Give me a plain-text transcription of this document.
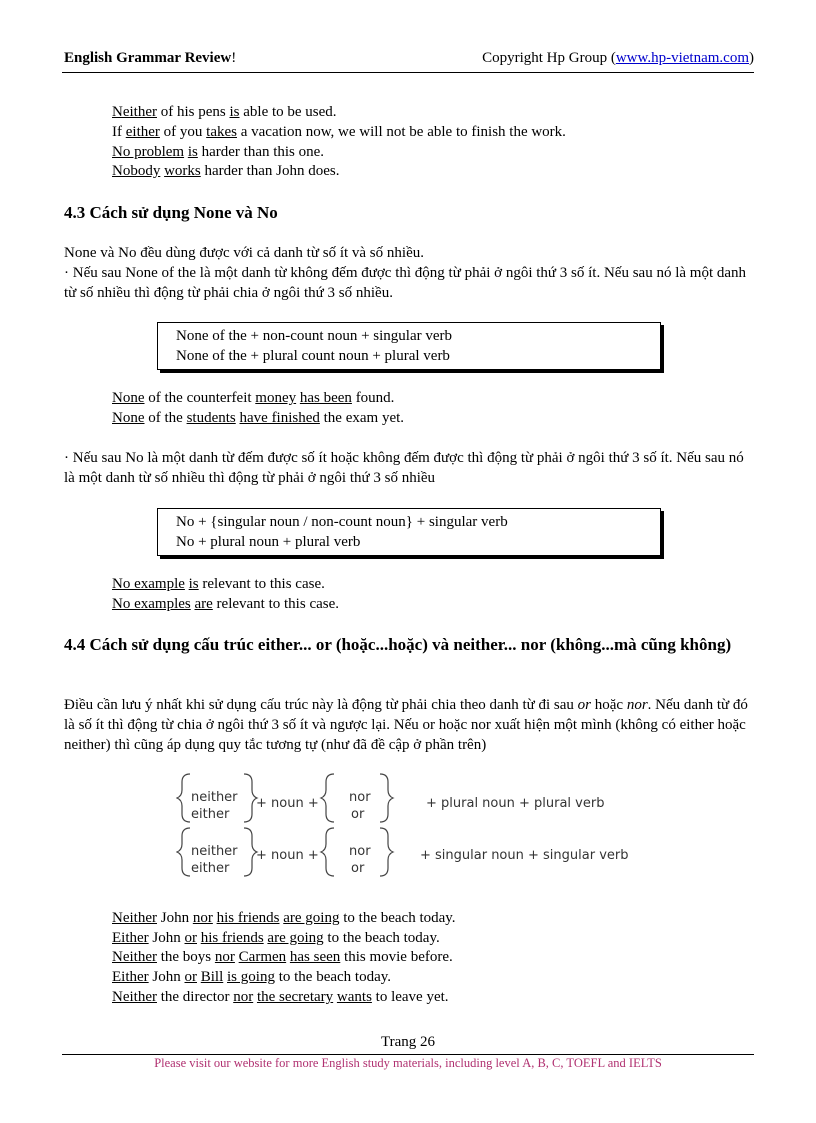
English Grammar Review!	Copyright Hp Group (www.hp-vietnam.com)
Neither of his pens is able to be used.
If either of you takes a vacation now, we will not be able to finish the work.
No problem is harder than this one.
Nobody works harder than John does.
4.3 Cách sử dụng None và No
None và No đều dùng được với cả danh từ số ít và số nhiều.
· Nếu sau None of the là một danh từ không đếm được thì động từ phải ở ngôi thứ 3 số ít. Nếu sau nó là một danh từ số nhiều thì động từ phải chia ở ngôi thứ 3 số nhiều.
None of the + non-count noun + singular verb
None of the + plural count noun + plural verb
None of the counterfeit money has been found.
None of the students have finished the exam yet.
· Nếu sau No là một danh từ đếm được số ít hoặc không đếm được thì động từ phải ở ngôi thứ 3 số ít. Nếu sau nó là một danh từ số nhiều thì động từ phải ở ngôi thứ 3 số nhiều
No + {singular noun / non-count noun} + singular verb
No + plural noun + plural verb
No example is relevant to this case.
No examples are relevant to this case.
4.4 Cách sử dụng cấu trúc either... or (hoặc...hoặc) và neither... nor (không...mà cũng không)
Điều cần lưu ý nhất khi sử dụng cấu trúc này là động từ phải chia theo danh từ đi sau or hoặc nor. Nếu danh từ đó là số ít thì động từ chia ở ngôi thứ 3 số ít và ngược lại. Nếu or hoặc nor xuất hiện một mình (không có either hoặc neither) thì cũng áp dụng quy tắc tương tự (như đã đề cập ở phần trên)
neither
either
+ noun + nor
or
+ plural noun + plural verb
neither
either
+ noun + nor
or
+ singular noun + singular verb
Neither John nor his friends are going to the beach today.
Either John or his friends are going to the beach today.
Neither the boys nor Carmen has seen this movie before.
Either John or Bill is going to the beach today.
Neither the director nor the secretary wants to leave yet.
Trang 26
Please visit our website for more English study materials, including level A, B, C, TOEFL and IELTS
